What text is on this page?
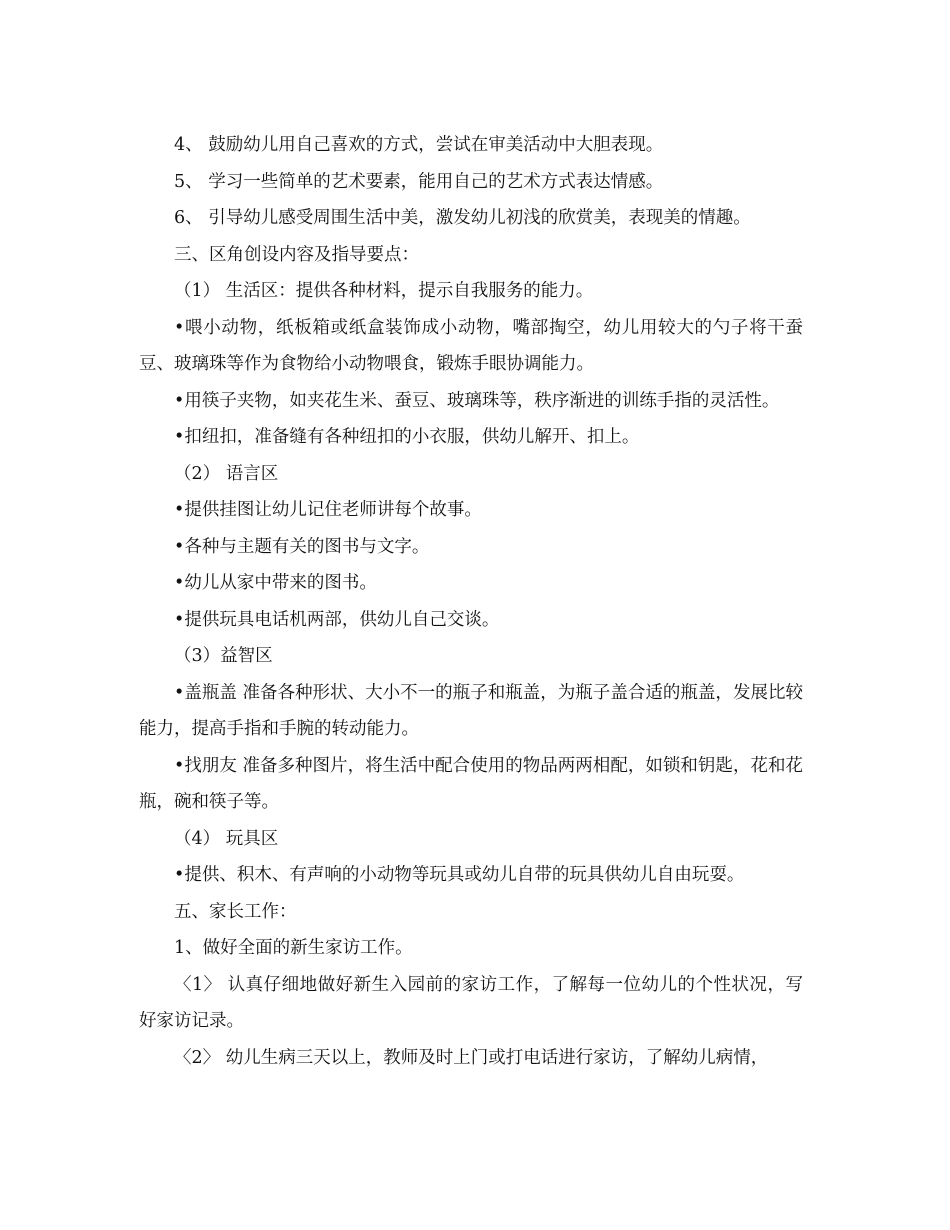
4、 鼓励幼儿用自己喜欢的方式，尝试在审美活动中大胆表现。

5、 学习一些简单的艺术要素，能用自己的艺术方式表达情感。

6、 引导幼儿感受周围生活中美，激发幼儿初浅的欣赏美，表现美的情趣。

三、区角创设内容及指导要点：

（1） 生活区：提供各种材料，提示自我服务的能力。

•喂小动物，纸板箱或纸盒装饰成小动物，嘴部掏空，幼儿用较大的勺子将干蚕豆、玻璃珠等作为食物给小动物喂食，锻炼手眼协调能力。

•用筷子夹物，如夹花生米、蚕豆、玻璃珠等，秩序渐进的训练手指的灵活性。

•扣纽扣，准备缝有各种纽扣的小衣服，供幼儿解开、扣上。

（2） 语言区

•提供挂图让幼儿记住老师讲每个故事。

•各种与主题有关的图书与文字。

•幼儿从家中带来的图书。

•提供玩具电话机两部，供幼儿自己交谈。

（3）益智区

•盖瓶盖 准备各种形状、大小不一的瓶子和瓶盖，为瓶子盖合适的瓶盖，发展比较能力，提高手指和手腕的转动能力。

•找朋友 准备多种图片，将生活中配合使用的物品两两相配，如锁和钥匙，花和花瓶，碗和筷子等。

（4） 玩具区

•提供、积木、有声响的小动物等玩具或幼儿自带的玩具供幼儿自由玩耍。

五、家长工作：

1、做好全面的新生家访工作。

〈1〉 认真仔细地做好新生入园前的家访工作，了解每一位幼儿的个性状况，写好家访记录。

〈2〉 幼儿生病三天以上，教师及时上门或打电话进行家访，了解幼儿病情，
